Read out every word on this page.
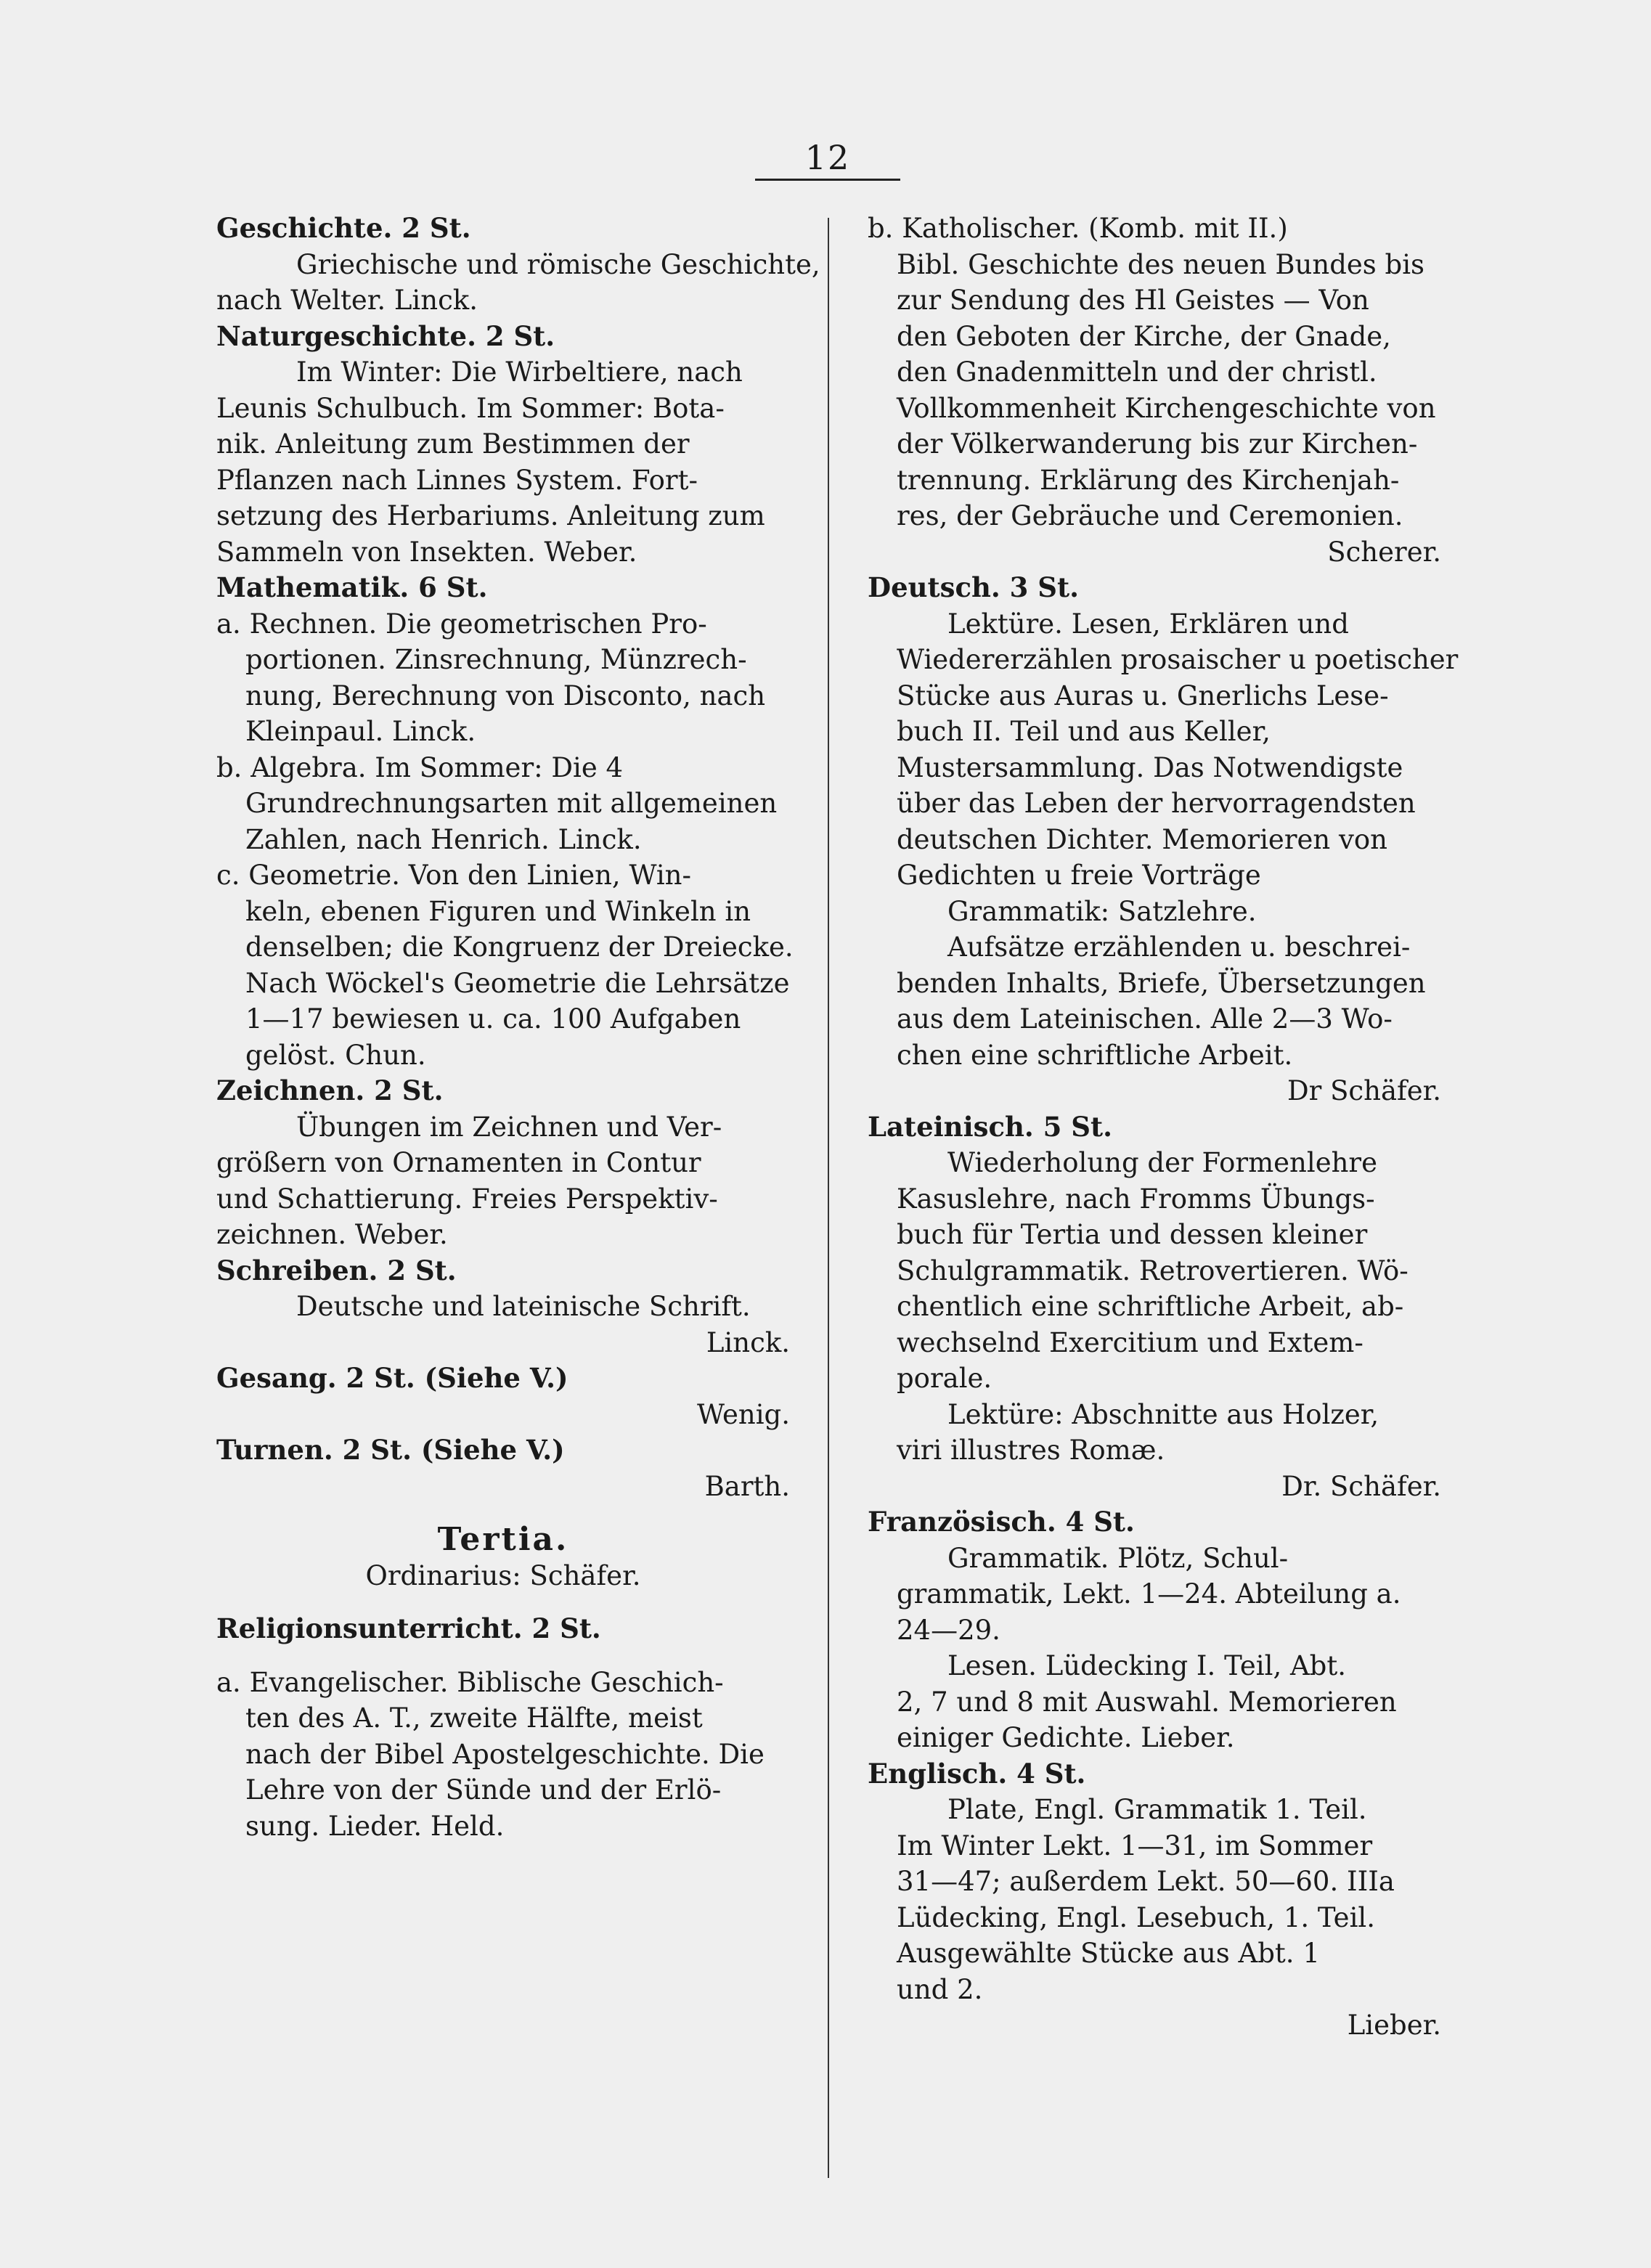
12
Geschichte. 2 St.
Griechische und römische Geschichte,
nach Welter. Linck.
Naturgeschichte. 2 St.
Im Winter: Die Wirbeltiere, nach
Leunis Schulbuch. Im Sommer: Bota-
nik. Anleitung zum Bestimmen der
Pflanzen nach Linnes System. Fort-
setzung des Herbariums. Anleitung zum
Sammeln von Insekten. Weber.
Mathematik. 6 St.
a. Rechnen. Die geometrischen Pro-
portionen. Zinsrechnung, Münzrech-
nung, Berechnung von Disconto, nach
Kleinpaul. Linck.
b. Algebra. Im Sommer: Die 4
Grundrechnungsarten mit allgemeinen
Zahlen, nach Henrich. Linck.
c. Geometrie. Von den Linien, Win-
keln, ebenen Figuren und Winkeln in
denselben; die Kongruenz der Dreiecke.
Nach Wöckel's Geometrie die Lehrsätze
1—17 bewiesen u. ca. 100 Aufgaben
gelöst. Chun.
Zeichnen. 2 St.
Übungen im Zeichnen und Ver-
größern von Ornamenten in Contur
und Schattierung. Freies Perspektiv-
zeichnen. Weber.
Schreiben. 2 St.
Deutsche und lateinische Schrift.
Linck.
Gesang. 2 St. (Siehe V.)
Wenig.
Turnen. 2 St. (Siehe V.)
Barth.
Tertia.
Ordinarius: Schäfer.
Religionsunterricht. 2 St.
a. Evangelischer. Biblische Geschich-
ten des A. T., zweite Hälfte, meist
nach der Bibel Apostelgeschichte. Die
Lehre von der Sünde und der Erlö-
sung. Lieder. Held.
b. Katholischer. (Komb. mit II.)
Bibl. Geschichte des neuen Bundes bis
zur Sendung des Hl Geistes — Von
den Geboten der Kirche, der Gnade,
den Gnadenmitteln und der christl.
Vollkommenheit Kirchengeschichte von
der Völkerwanderung bis zur Kirchen-
trennung. Erklärung des Kirchenjah-
res, der Gebräuche und Ceremonien.
Scherer.
Deutsch. 3 St.
Lektüre. Lesen, Erklären und
Wiedererzählen prosaischer u poetischer
Stücke aus Auras u. Gnerlichs Lese-
buch II. Teil und aus Keller,
Mustersammlung. Das Notwendigste
über das Leben der hervorragendsten
deutschen Dichter. Memorieren von
Gedichten u freie Vorträge
Grammatik: Satzlehre.
Aufsätze erzählenden u. beschrei-
benden Inhalts, Briefe, Übersetzungen
aus dem Lateinischen. Alle 2—3 Wo-
chen eine schriftliche Arbeit.
Dr Schäfer.
Lateinisch. 5 St.
Wiederholung der Formenlehre
Kasuslehre, nach Fromms Übungs-
buch für Tertia und dessen kleiner
Schulgrammatik. Retrovertieren. Wö-
chentlich eine schriftliche Arbeit, ab-
wechselnd Exercitium und Extem-
porale.
Lektüre: Abschnitte aus Holzer,
viri illustres Romæ.
Dr. Schäfer.
Französisch. 4 St.
Grammatik. Plötz, Schul-
grammatik, Lekt. 1—24. Abteilung a.
24—29.
Lesen. Lüdecking I. Teil, Abt.
2, 7 und 8 mit Auswahl. Memorieren
einiger Gedichte. Lieber.
Englisch. 4 St.
Plate, Engl. Grammatik 1. Teil.
Im Winter Lekt. 1—31, im Sommer
31—47; außerdem Lekt. 50—60. IIIa
Lüdecking, Engl. Lesebuch, 1. Teil.
Ausgewählte Stücke aus Abt. 1
und 2.
Lieber.
